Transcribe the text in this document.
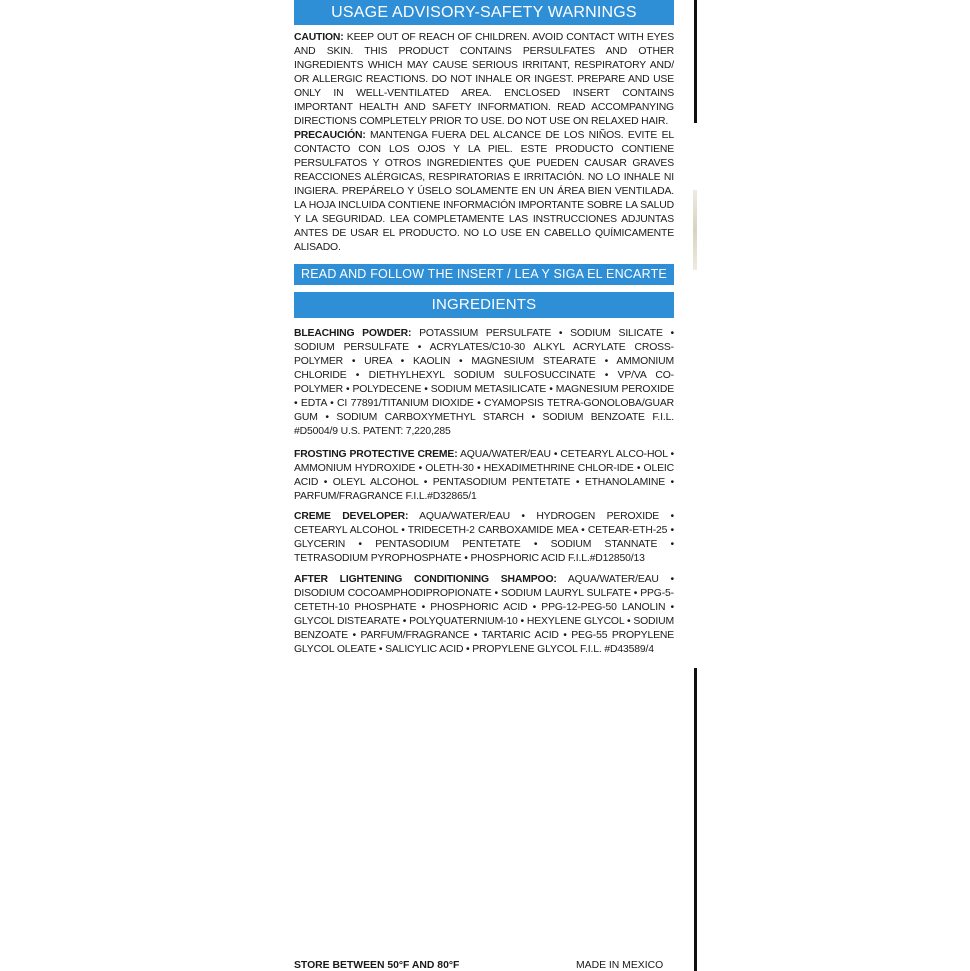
USAGE ADVISORY-SAFETY WARNINGS
CAUTION: KEEP OUT OF REACH OF CHILDREN. AVOID CONTACT WITH EYES AND SKIN. THIS PRODUCT CONTAINS PERSULFATES AND OTHER INGREDIENTS WHICH MAY CAUSE SERIOUS IRRITANT, RESPIRATORY AND/ OR ALLERGIC REACTIONS. DO NOT INHALE OR INGEST. PREPARE AND USE ONLY IN WELL-VENTILATED AREA. ENCLOSED INSERT CONTAINS IMPORTANT HEALTH AND SAFETY INFORMATION. READ ACCOMPANYING DIRECTIONS COMPLETELY PRIOR TO USE. DO NOT USE ON RELAXED HAIR.
PRECAUCIÓN: MANTENGA FUERA DEL ALCANCE DE LOS NIÑOS. EVITE EL CONTACTO CON LOS OJOS Y LA PIEL. ESTE PRODUCTO CONTIENE PERSULFATOS Y OTROS INGREDIENTES QUE PUEDEN CAUSAR GRAVES REACCIONES ALÉRGICAS, RESPIRATORIAS E IRRITACIÓN. NO LO INHALE NI INGIERA. PREPÁRELO Y ÚSELO SOLAMENTE EN UN ÁREA BIEN VENTILADA. LA HOJA INCLUIDA CONTIENE INFORMACIÓN IMPORTANTE SOBRE LA SALUD Y LA SEGURIDAD. LEA COMPLETAMENTE LAS INSTRUCCIONES ADJUNTAS ANTES DE USAR EL PRODUCTO. NO LO USE EN CABELLO QUÍMICAMENTE ALISADO.
READ AND FOLLOW THE INSERT / LEA Y SIGA EL ENCARTE
INGREDIENTS
BLEACHING POWDER: POTASSIUM PERSULFATE • SODIUM SILICATE • SODIUM PERSULFATE • ACRYLATES/C10-30 ALKYL ACRYLATE CROSS-POLYMER • UREA • KAOLIN • MAGNESIUM STEARATE • AMMONIUM CHLORIDE • DIETHYLHEXYL SODIUM SULFOSUCCINATE • VP/VA CO-POLYMER • POLYDECENE • SODIUM METASILICATE • MAGNESIUM PEROXIDE • EDTA • CI 77891/TITANIUM DIOXIDE • CYAMOPSIS TETRA-GONOLOBA/GUAR GUM • SODIUM CARBOXYMETHYL STARCH • SODIUM BENZOATE F.I.L. #D5004/9 U.S. PATENT: 7,220,285
FROSTING PROTECTIVE CREME: AQUA/WATER/EAU • CETEARYL ALCO-HOL • AMMONIUM HYDROXIDE • OLETH-30 • HEXADIMETHRINE CHLOR-IDE • OLEIC ACID • OLEYL ALCOHOL • PENTASODIUM PENTETATE • ETHANOLAMINE • PARFUM/FRAGRANCE F.I.L.#D32865/1
CREME DEVELOPER: AQUA/WATER/EAU • HYDROGEN PEROXIDE • CETEARYL ALCOHOL • TRIDECETH-2 CARBOXAMIDE MEA • CETEAR-ETH-25 • GLYCERIN • PENTASODIUM PENTETATE • SODIUM STANNATE • TETRASODIUM PYROPHOSPHATE • PHOSPHORIC ACID F.I.L.#D12850/13
AFTER LIGHTENING CONDITIONING SHAMPOO: AQUA/WATER/EAU • DISODIUM COCOAMPHODIPROPIONATE • SODIUM LAURYL SULFATE • PPG-5-CETETH-10 PHOSPHATE • PHOSPHORIC ACID • PPG-12-PEG-50 LANOLIN • GLYCOL DISTEARATE • POLYQUATERNIUM-10 • HEXYLENE GLYCOL • SODIUM BENZOATE • PARFUM/FRAGRANCE • TARTARIC ACID • PEG-55 PROPYLENE GLYCOL OLEATE • SALICYLIC ACID • PROPYLENE GLYCOL F.I.L. #D43589/4
STORE BETWEEN 50°F AND 80°F	MADE IN MEXICO
